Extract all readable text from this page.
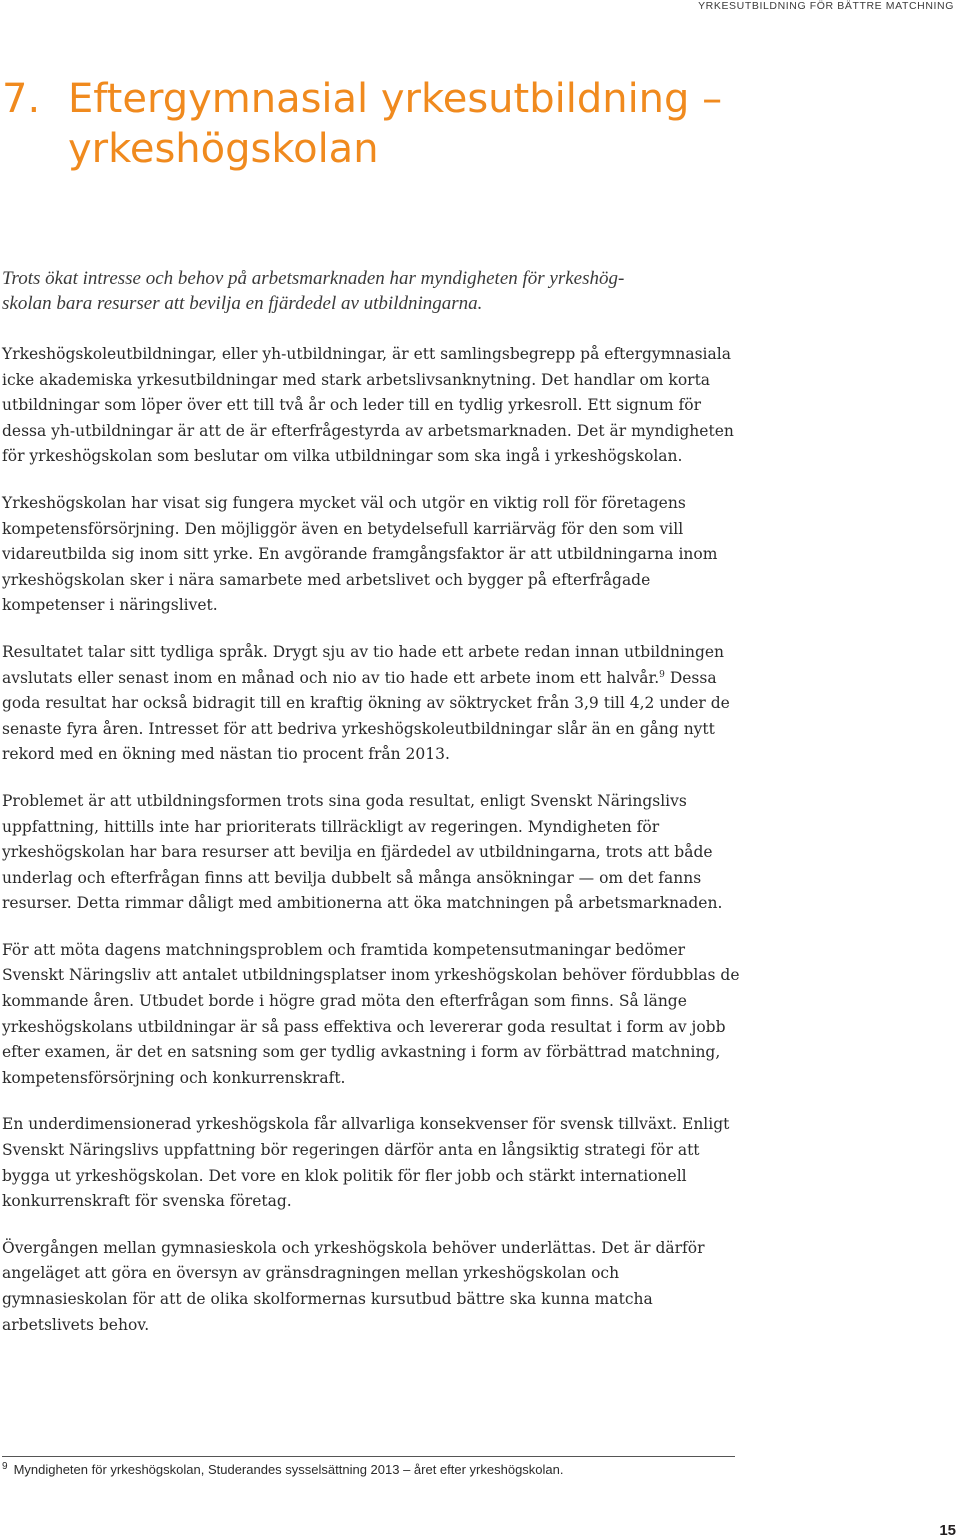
YRKESUTBILDNING FÖR BÄTTRE MATCHNING
7. Eftergymnasial yrkesutbildning –
yrkeshögskolan

Trots ökat intresse och behov på arbetsmarknaden har myndigheten för yrkeshög-
skolan bara resurser att bevilja en fjärdedel av utbildningarna.

Yrkeshögskoleutbildningar, eller yh-utbildningar, är ett samlingsbegrepp på eftergymnasiala icke akademiska yrkesutbildningar med stark arbetslivsanknytning. Det handlar om korta utbildningar som löper över ett till två år och leder till en tydlig yrkesroll. Ett signum för dessa yh-utbildningar är att de är efterfrågestyrda av arbetsmarknaden. Det är myndigheten för yrkeshögskolan som beslutar om vilka utbildningar som ska ingå i yrkeshögskolan.

Yrkeshögskolan har visat sig fungera mycket väl och utgör en viktig roll för företagens kompetensförsörjning. Den möjliggör även en betydelsefull karriärväg för den som vill vidareutbilda sig inom sitt yrke. En avgörande framgångsfaktor är att utbildningarna inom yrkeshögskolan sker i nära samarbete med arbetslivet och bygger på efterfrågade kompetenser i näringslivet.

Resultatet talar sitt tydliga språk. Drygt sju av tio hade ett arbete redan innan utbildningen avslutats eller senast inom en månad och nio av tio hade ett arbete inom ett halvår.$^9$ Dessa goda resultat har också bidragit till en kraftig ökning av söktrycket från 3,9 till 4,2 under de senaste fyra åren. Intresset för att bedriva yrkeshögskoleutbildningar slår än en gång nytt rekord med en ökning med nästan tio procent från 2013.

Problemet är att utbildningsformen trots sina goda resultat, enligt Svenskt Näringslivs uppfattning, hittills inte har prioriterats tillräckligt av regeringen. Myndigheten för yrkeshögskolan har bara resurser att bevilja en fjärdedel av utbildningarna, trots att både underlag och efterfrågan finns att bevilja dubbelt så många ansökningar — om det fanns resurser. Detta rimmar dåligt med ambitionerna att öka matchningen på arbetsmarknaden.

För att möta dagens matchningsproblem och framtida kompetensutmaningar bedömer Svenskt Näringsliv att antalet utbildningsplatser inom yrkeshögskolan behöver fördubblas de kommande åren. Utbudet borde i högre grad möta den efterfrågan som finns. Så länge yrkeshögskolans utbildningar är så pass effektiva och levererar goda resultat i form av jobb efter examen, är det en satsning som ger tydlig avkastning i form av förbättrad matchning, kompetensförsörjning och konkurrenskraft.

En underdimensionerad yrkeshögskola får allvarliga konsekvenser för svensk tillväxt. Enligt Svenskt Näringslivs uppfattning bör regeringen därför anta en långsiktig strategi för att bygga ut yrkeshögskolan. Det vore en klok politik för fler jobb och stärkt internationell konkurrenskraft för svenska företag.

Övergången mellan gymnasieskola och yrkeshögskola behöver underlättas. Det är därför angeläget att göra en översyn av gränsdragningen mellan yrkeshögskolan och gymnasieskolan för att de olika skolformernas kursutbud bättre ska kunna matcha arbetslivets behov.

$^9$ Myndigheten för yrkeshögskolan, Studerandes sysselsättning 2013 – året efter yrkeshögskolan.
15
